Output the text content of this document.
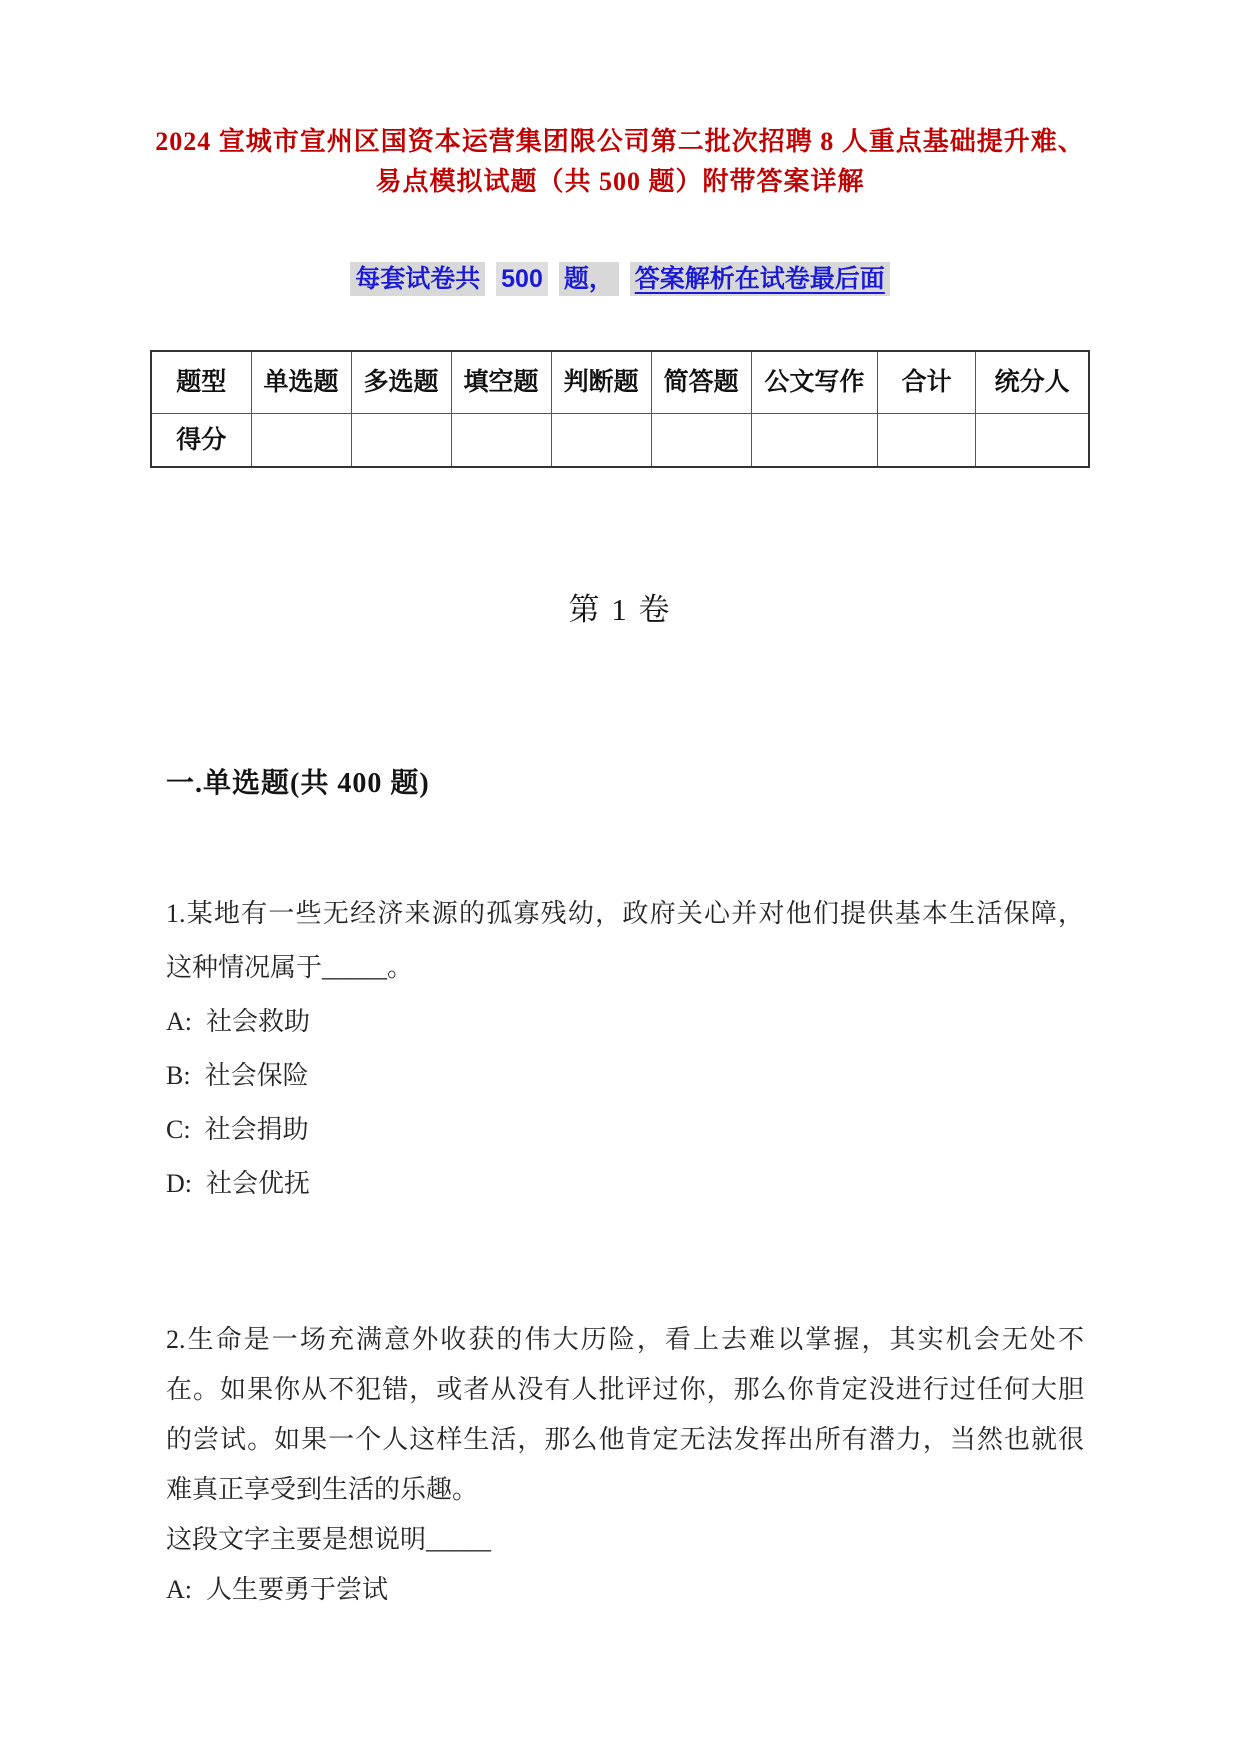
2024 宣城市宣州区国资本运营集团限公司第二批次招聘 8 人重点基础提升难、
易点模拟试题（共 500 题）附带答案详解
每套试卷共 500 题， 答案解析在试卷最后面
题型	单选题	多选题	填空题	判断题	简答题	公文写作	合计	统分人
得分								
第 1 卷
一.单选题(共 400 题)
1.某地有一些无经济来源的孤寡残幼，政府关心并对他们提供基本生活保障，
这种情况属于_____。
A: 社会救助
B: 社会保险
C: 社会捐助
D: 社会优抚
2.生命是一场充满意外收获的伟大历险，看上去难以掌握，其实机会无处不
在。如果你从不犯错，或者从没有人批评过你，那么你肯定没进行过任何大胆
的尝试。如果一个人这样生活，那么他肯定无法发挥出所有潜力，当然也就很
难真正享受到生活的乐趣。
这段文字主要是想说明_____
A: 人生要勇于尝试
